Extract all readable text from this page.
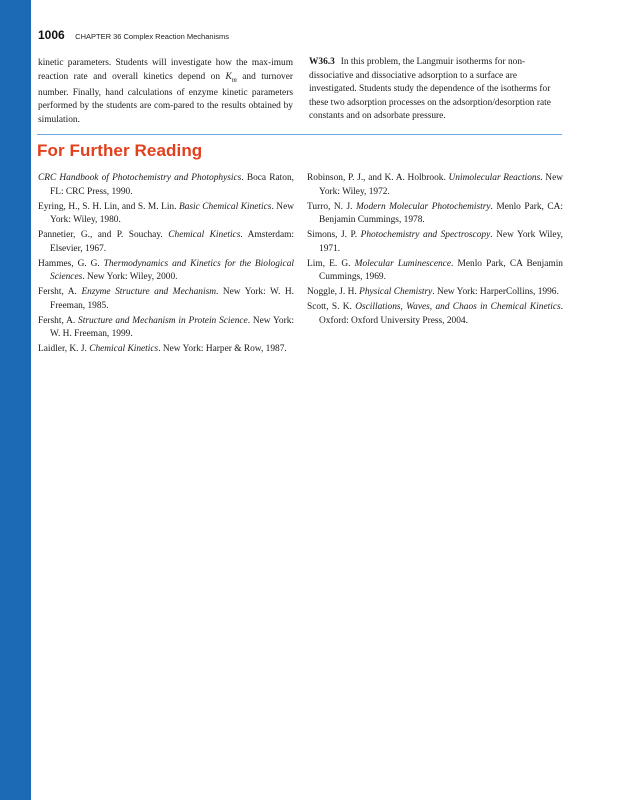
1006 CHAPTER 36 Complex Reaction Mechanisms

kinetic parameters. Students will investigate how the max-imum reaction rate and overall kinetics depend on $K_m$ and turnover number. Finally, hand calculations of enzyme kinetic parameters performed by the students are com-pared to the results obtained by simulation.

W36.3 In this problem, the Langmuir isotherms for non-dissociative and dissociative adsorption to a surface are investigated. Students study the dependence of the isotherms for these two adsorption processes on the adsorption/desorption rate constants and on adsorbate pressure.

For Further Reading
CRC Handbook of Photochemistry and Photophysics. Boca Raton, FL: CRC Press, 1990.
Eyring, H., S. H. Lin, and S. M. Lin. Basic Chemical Kinetics. New York: Wiley, 1980.
Pannetier, G., and P. Souchay. Chemical Kinetics. Amsterdam: Elsevier, 1967.
Hammes, G. G. Thermodynamics and Kinetics for the Biological Sciences. New York: Wiley, 2000.
Fersht, A. Enzyme Structure and Mechanism. New York: W. H. Freeman, 1985.
Fersht, A. Structure and Mechanism in Protein Science. New York: W. H. Freeman, 1999.
Laidler, K. J. Chemical Kinetics. New York: Harper & Row, 1987.
Robinson, P. J., and K. A. Holbrook. Unimolecular Reactions. New York: Wiley, 1972.
Turro, N. J. Modern Molecular Photochemistry. Menlo Park, CA: Benjamin Cummings, 1978.
Simons, J. P. Photochemistry and Spectroscopy. New York Wiley, 1971.
Lim, E. G. Molecular Luminescence. Menlo Park, CA Benjamin Cummings, 1969.
Noggle, J. H. Physical Chemistry. New York: HarperCollins, 1996.
Scott, S. K. Oscillations, Waves, and Chaos in Chemical Kinetics. Oxford: Oxford University Press, 2004.
